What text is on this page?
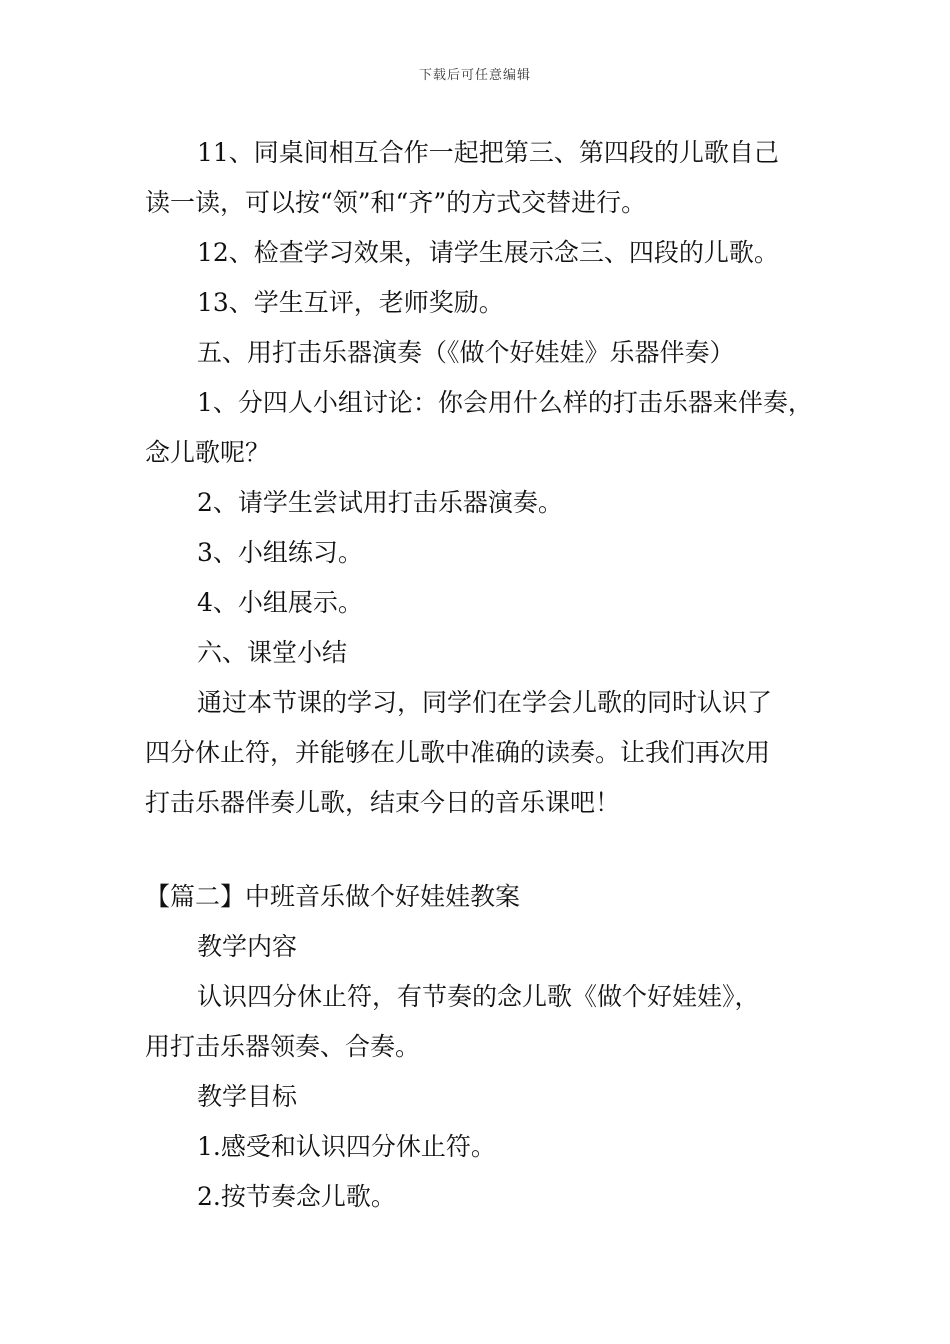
下载后可任意编辑

11、同桌间相互合作一起把第三、第四段的儿歌自己

读一读，可以按“领”和“齐”的方式交替进行。

12、检查学习效果，请学生展示念三、四段的儿歌。

13、学生互评，老师奖励。

五、用打击乐器演奏（《做个好娃娃》乐器伴奏）

1、分四人小组讨论：你会用什么样的打击乐器来伴奏，

念儿歌呢？

2、请学生尝试用打击乐器演奏。

3、小组练习。

4、小组展示。

六、课堂小结

通过本节课的学习，同学们在学会儿歌的同时认识了

四分休止符，并能够在儿歌中准确的读奏。让我们再次用

打击乐器伴奏儿歌，结束今日的音乐课吧！

【篇二】中班音乐做个好娃娃教案

教学内容

认识四分休止符，有节奏的念儿歌《做个好娃娃》，

用打击乐器领奏、合奏。

教学目标

1.感受和认识四分休止符。

2.按节奏念儿歌。
